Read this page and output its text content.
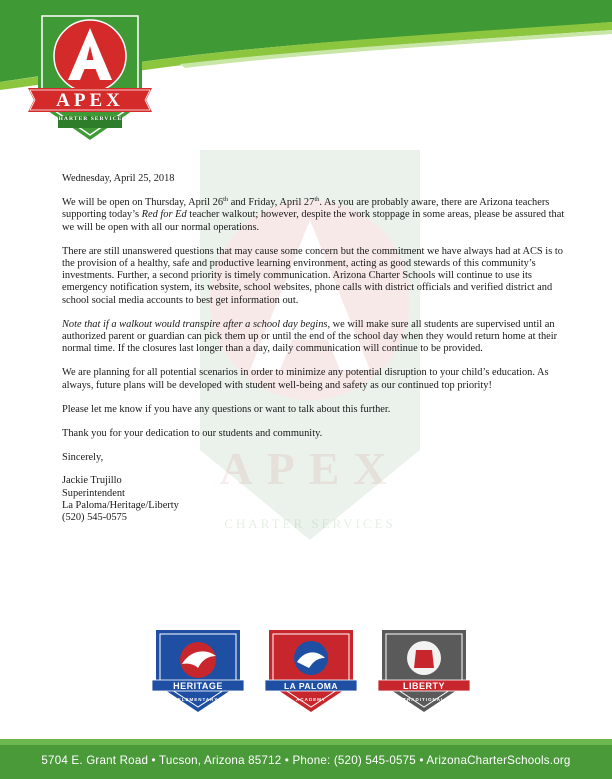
APEX
CHARTER SERVICES
APEX
CHARTER SERVICES

Wednesday, April 25, 2018

We will be open on Thursday, April 26th and Friday, April 27th. As you are probably aware, there are Arizona teachers supporting today’s Red for Ed teacher walkout; however, despite the work stoppage in some areas, please be assured that we will be open with all our normal operations.

There are still unanswered questions that may cause some concern but the commitment we have always had at ACS is to the provision of a healthy, safe and productive learning environment, acting as good stewards of this community’s investments. Further, a second priority is timely communication. Arizona Charter Schools will continue to use its emergency notification system, its website, school websites, phone calls with district officials and verified district and school social media accounts to best get information out.

Note that if a walkout would transpire after a school day begins, we will make sure all students are supervised until an authorized parent or guardian can pick them up or until the end of the school day when they would return home at their normal time. If the closures last longer than a day, daily communication will continue to be provided.

We are planning for all potential scenarios in order to minimize any potential disruption to your child’s education. As always, future plans will be developed with student well-being and safety as our continued top priority!

Please let me know if you have any questions or want to talk about this further.

Thank you for your dedication to our students and community.

Sincerely,

Jackie Trujillo
Superintendent
La Paloma/Heritage/Liberty
(520) 545-0575

HERITAGE
ELEMENTARY
LA PALOMA
ACADEMY
LIBERTY
TRADITIONAL
5704 E. Grant Road • Tucson, Arizona 85712 • Phone: (520) 545-0575 • ArizonaCharterSchools.org
